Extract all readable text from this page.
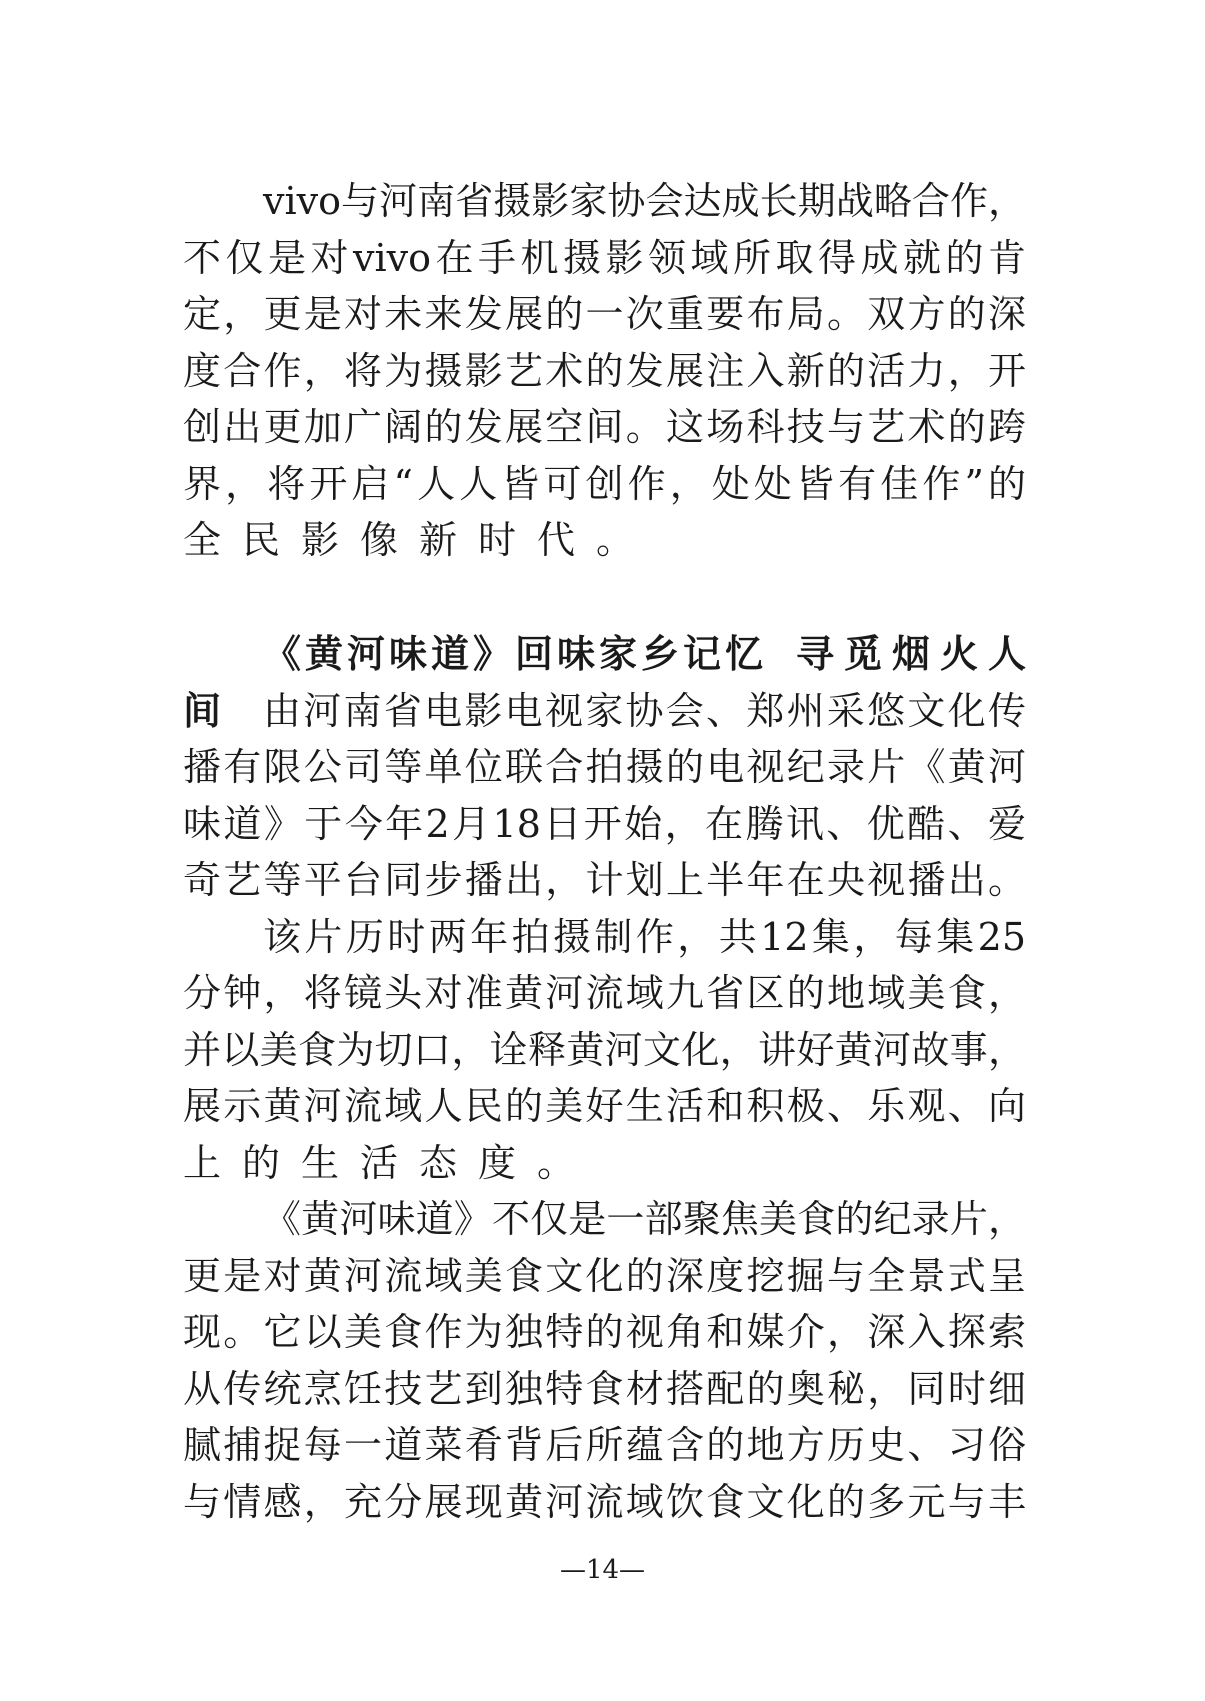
vivo与河南省摄影家协会达成长期战略合作，
不仅是对vivo在手机摄影领域所取得成就的肯
定，更是对未来发展的一次重要布局。双方的深
度合作，将为摄影艺术的发展注入新的活力，开
创出更加广阔的发展空间。这场科技与艺术的跨
界，将开启“人人皆可创作，处处皆有佳作”的
全民影像新时代。
《黄河味道》回味家乡记忆 寻觅烟火人
间	由河南省电影电视家协会、郑州采悠文化传
播有限公司等单位联合拍摄的电视纪录片《黄河
味道》于今年2月18日开始，在腾讯、优酷、爱
奇艺等平台同步播出，计划上半年在央视播出。
该片历时两年拍摄制作，共12集，每集25
分钟，将镜头对准黄河流域九省区的地域美食，
并以美食为切口，诠释黄河文化，讲好黄河故事，
展示黄河流域人民的美好生活和积极、乐观、向
上的生活态度。
《黄河味道》不仅是一部聚焦美食的纪录片，
更是对黄河流域美食文化的深度挖掘与全景式呈
现。它以美食作为独特的视角和媒介，深入探索
从传统烹饪技艺到独特食材搭配的奥秘，同时细
腻捕捉每一道菜肴背后所蕴含的地方历史、习俗
与情感，充分展现黄河流域饮食文化的多元与丰
—14—
